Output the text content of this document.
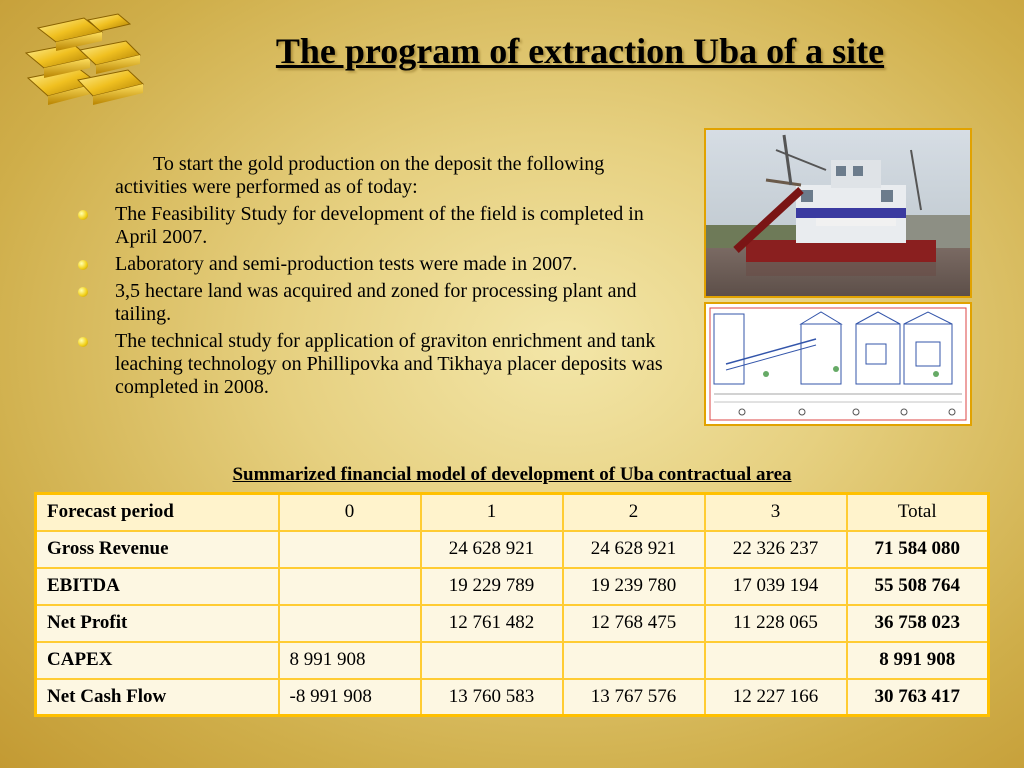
The program of extraction Uba of a site

To start the gold production on the deposit the following activities were performed as of today:

The Feasibility Study for development of the field is completed in April 2007.
Laboratory and semi-production tests were made in 2007.
3,5 hectare land was acquired and zoned for processing plant and tailing.
The technical study for application of graviton enrichment and tank leaching technology on Phillipovka and Tikhaya placer deposits was completed in 2008.
Summarized financial model of development of Uba contractual area
Forecast period	0	1	2	3	Total
Gross Revenue		24 628 921	24 628 921	22 326 237	71 584 080
EBITDA		19 229 789	19 239 780	17 039 194	55 508 764
Net Profit		12 761 482	12 768 475	11 228 065	36 758 023
CAPEX	8 991 908				8 991 908
Net Cash Flow	-8 991 908	13 760 583	13 767 576	12 227 166	30 763 417
